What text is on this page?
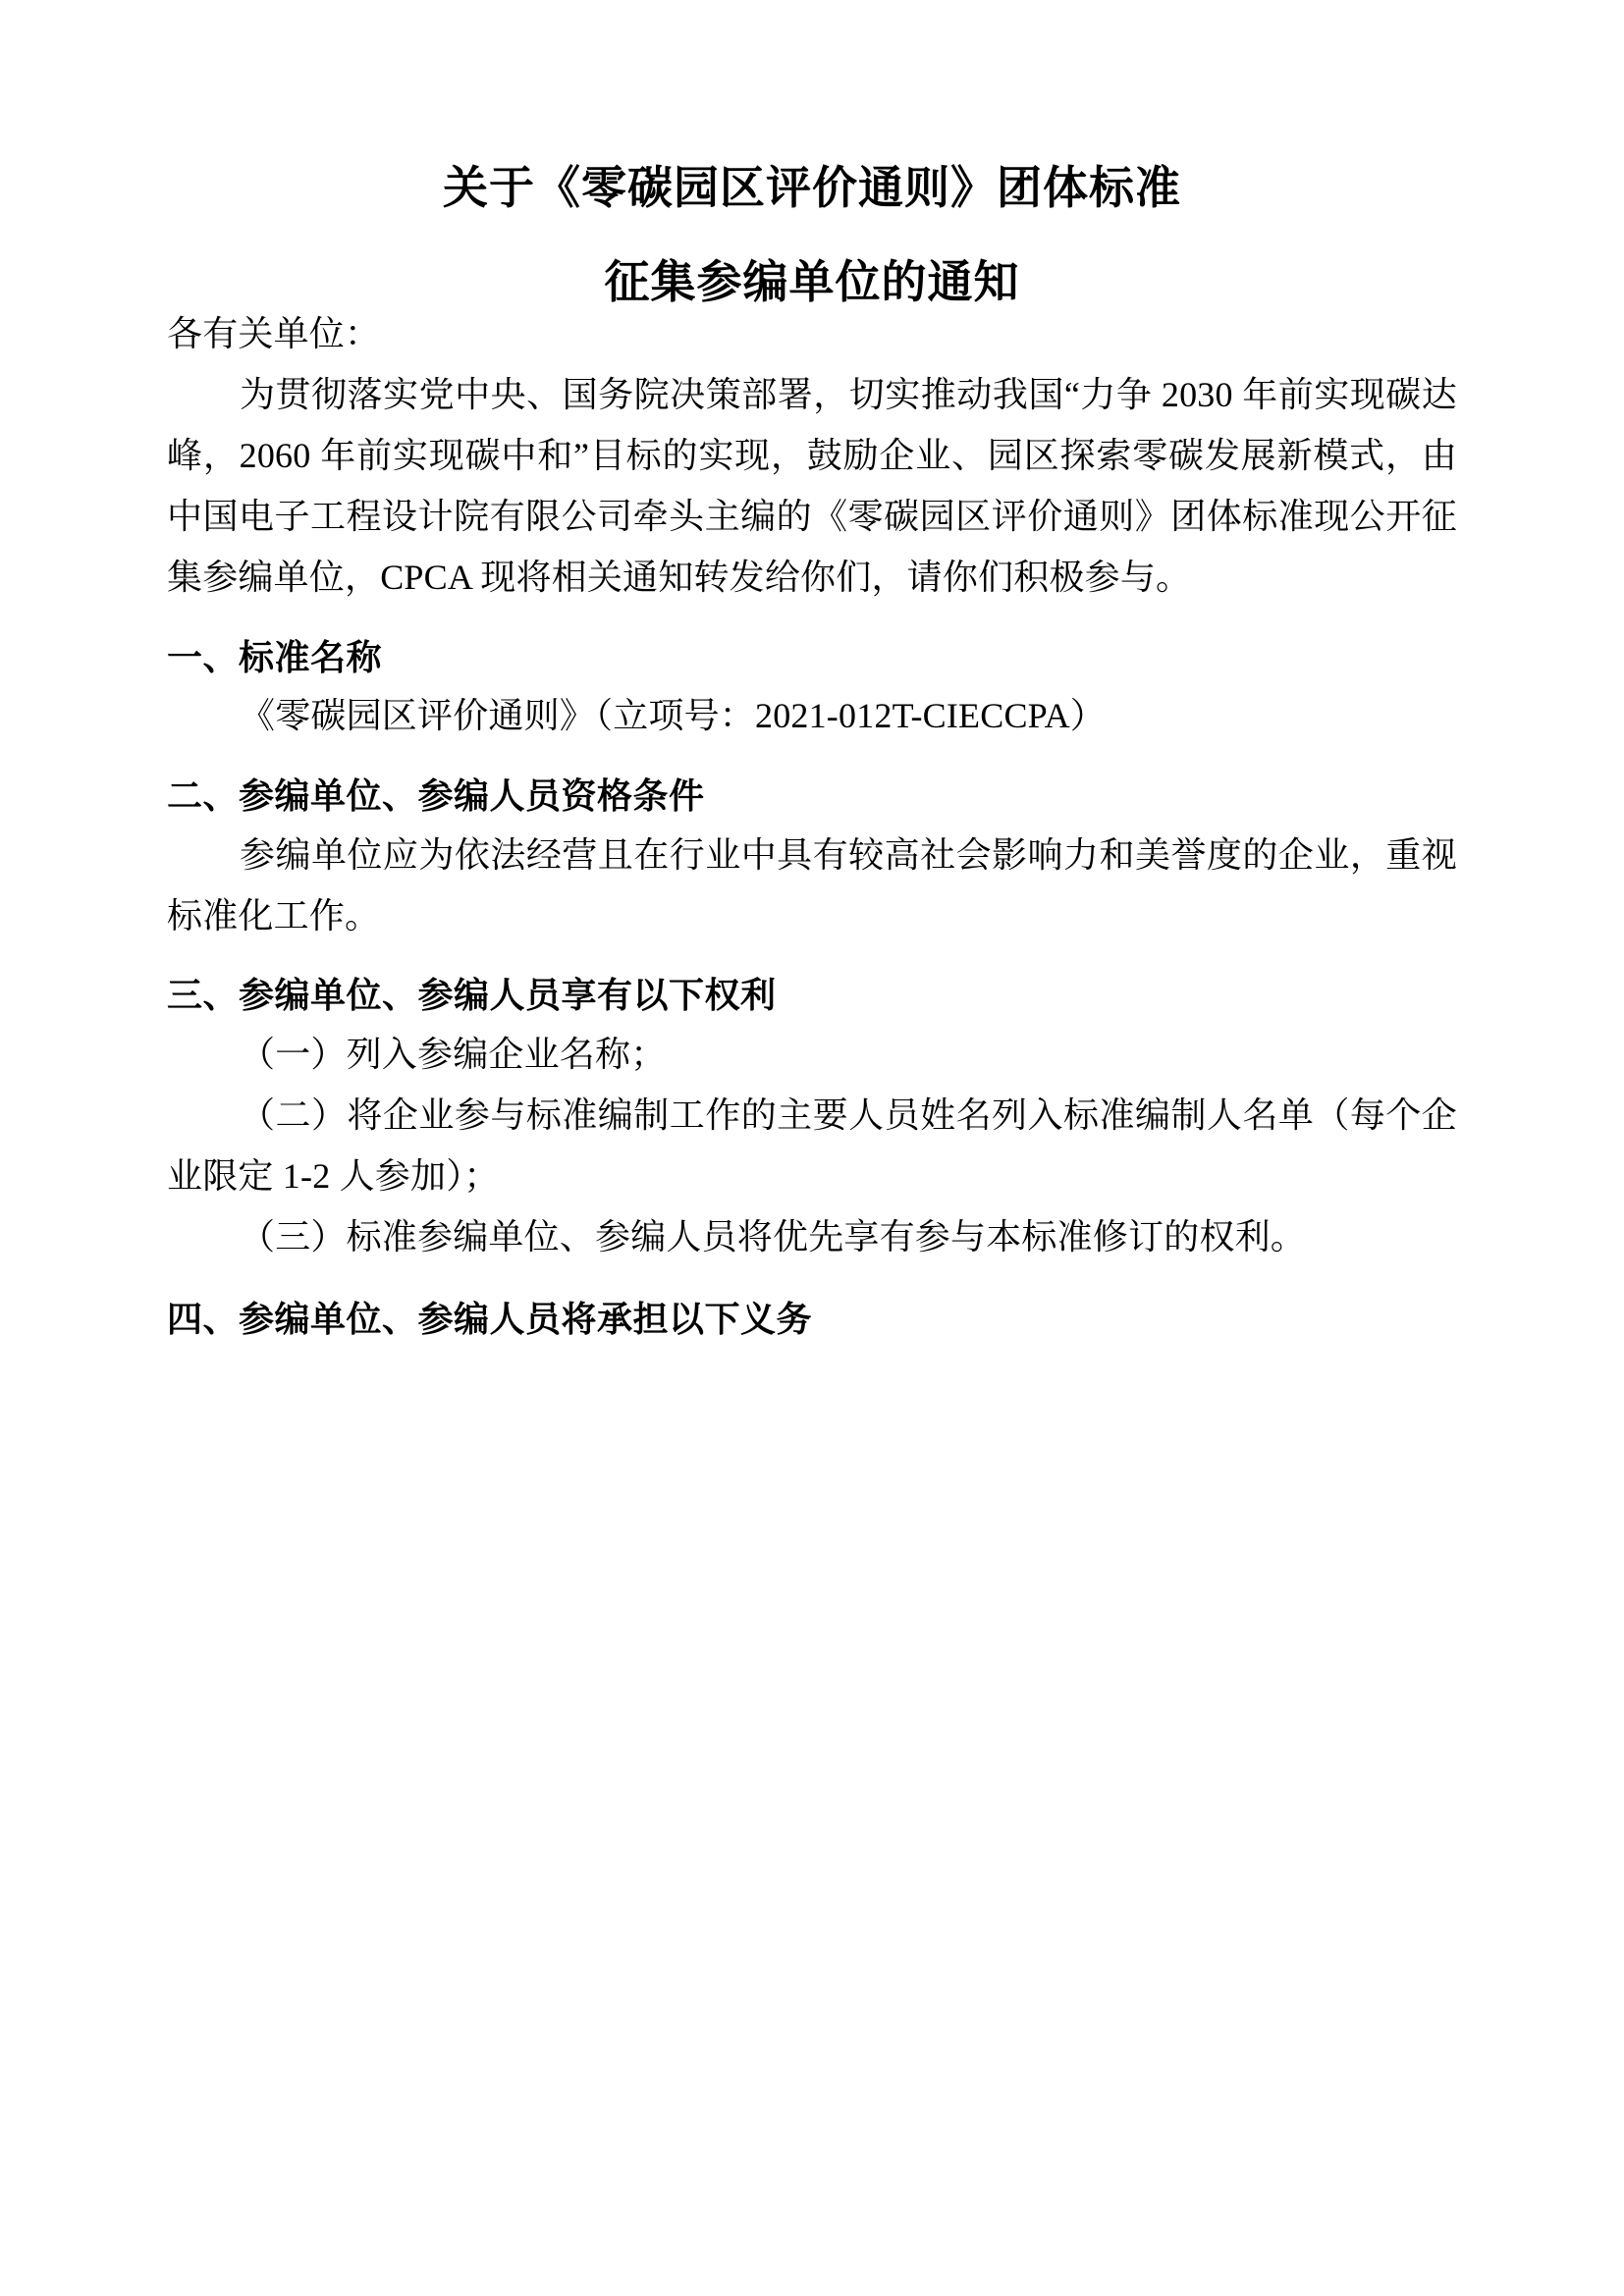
关于《零碳园区评价通则》团体标准
征集参编单位的通知

各有关单位：

为贯彻落实党中央、国务院决策部署，切实推动我国“力争 2030 年前实现碳达峰，2060 年前实现碳中和”目标的实现，鼓励企业、园区探索零碳发展新模式，由中国电子工程设计院有限公司牵头主编的《零碳园区评价通则》团体标准现公开征集参编单位，CPCA 现将相关通知转发给你们，请你们积极参与。

一、标准名称

《零碳园区评价通则》（立项号：2021-012T-CIECCPA）

二、参编单位、参编人员资格条件

参编单位应为依法经营且在行业中具有较高社会影响力和美誉度的企业，重视标准化工作。

三、参编单位、参编人员享有以下权利

（一）列入参编企业名称；

（二）将企业参与标准编制工作的主要人员姓名列入标准编制人名单（每个企业限定 1-2 人参加）；

（三）标准参编单位、参编人员将优先享有参与本标准修订的权利。

四、参编单位、参编人员将承担以下义务
